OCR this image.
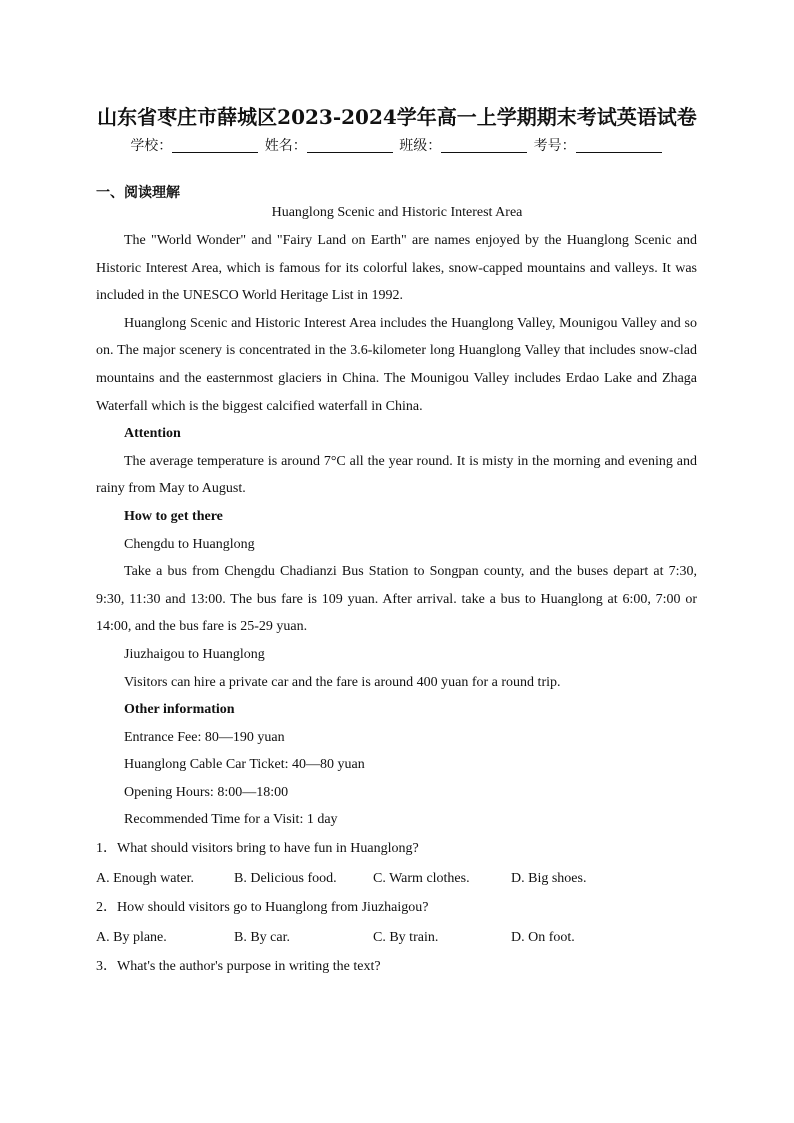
山东省枣庄市薛城区2023-2024学年高一上学期期末考试英语试卷
学校：	姓名：	班级：	考号：
一、阅读理解
Huanglong Scenic and Historic Interest Area

The "World Wonder" and "Fairy Land on Earth" are names enjoyed by the Huanglong Scenic and Historic Interest Area, which is famous for its colorful lakes, snow-capped mountains and valleys. It was included in the UNESCO World Heritage List in 1992.

Huanglong Scenic and Historic Interest Area includes the Huanglong Valley, Mounigou Valley and so on. The major scenery is concentrated in the 3.6-kilometer long Huanglong Valley that includes snow-clad mountains and the easternmost glaciers in China. The Mounigou Valley includes Erdao Lake and Zhaga Waterfall which is the biggest calcified waterfall in China.

Attention

The average temperature is around 7°C all the year round. It is misty in the morning and evening and rainy from May to August.

How to get there

Chengdu to Huanglong

Take a bus from Chengdu Chadianzi Bus Station to Songpan county, and the buses depart at 7:30, 9:30, 11:30 and 13:00. The bus fare is 109 yuan. After arrival. take a bus to Huanglong at 6:00, 7:00 or 14:00, and the bus fare is 25-29 yuan.

Jiuzhaigou to Huanglong

Visitors can hire a private car and the fare is around 400 yuan for a round trip.

Other information

Entrance Fee: 80—190 yuan

Huanglong Cable Car Ticket: 40—80 yuan

Opening Hours: 8:00—18:00

Recommended Time for a Visit: 1 day

1．What should visitors bring to have fun in Huanglong?

A. Enough water.	B. Delicious food.	C. Warm clothes.	D. Big shoes.

2．How should visitors go to Huanglong from Jiuzhaigou?

A. By plane.	B. By car.	C. By train.	D. On foot.

3．What's the author's purpose in writing the text?
